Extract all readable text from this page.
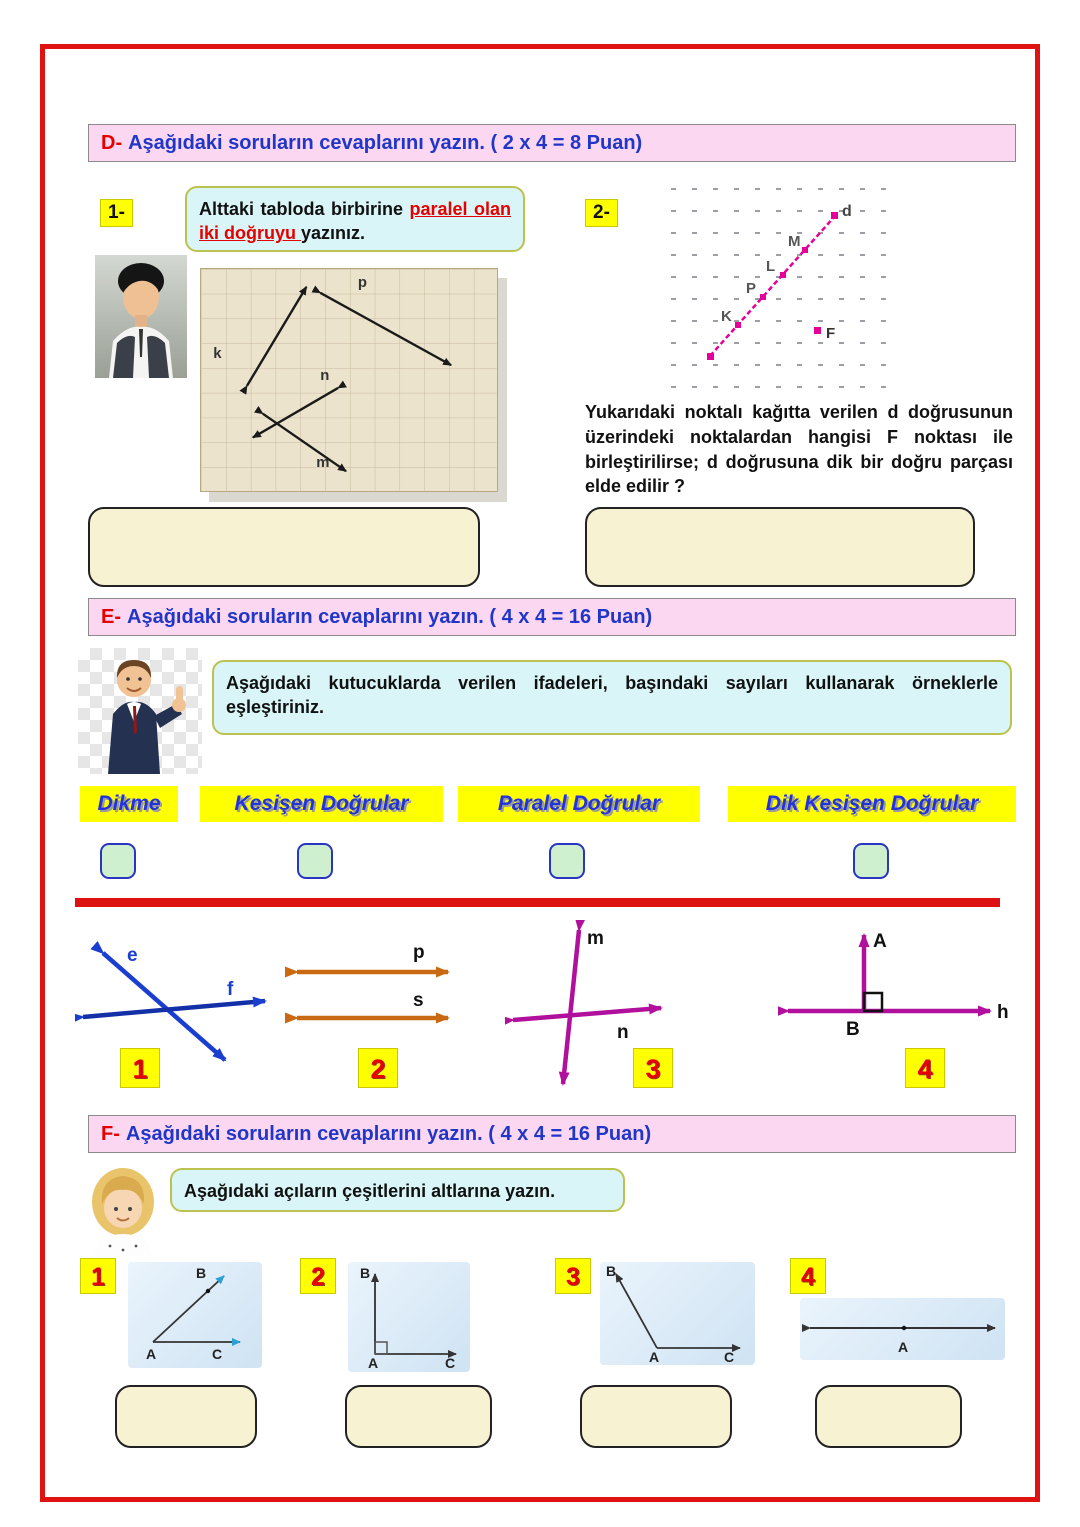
D- Aşağıdaki soruların cevaplarını yazın. ( 2 x 4 = 8 Puan)
1-	Alttaki tabloda birbirine paralel olan iki doğruyu yazınız.
k
p
n
m
2-
K
P
L
M
F
d
Yukarıdaki noktalı kağıtta verilen d doğrusunun üzerindeki noktalardan hangisi F noktası ile birleştirilirse; d doğrusuna dik bir doğru parçası elde edilir ?
E- Aşağıdaki soruların cevaplarını yazın. ( 4 x 4 = 16 Puan)
Aşağıdaki kutucuklarda verilen ifadeleri, başındaki sayıları kullanarak örneklerle eşleştiriniz.
Dikme	Kesişen Doğrular	Paralel Doğrular	Dik Kesişen Doğrular
e
f
1
p
s
2
m
n
3
A
h
B
4
F- Aşağıdaki soruların cevaplarını yazın. ( 4 x 4 = 16 Puan)
Aşağıdaki açıların çeşitlerini altlarına yazın.
1	B
A	C
2	B
A	C
3	B
A	C
4
A
